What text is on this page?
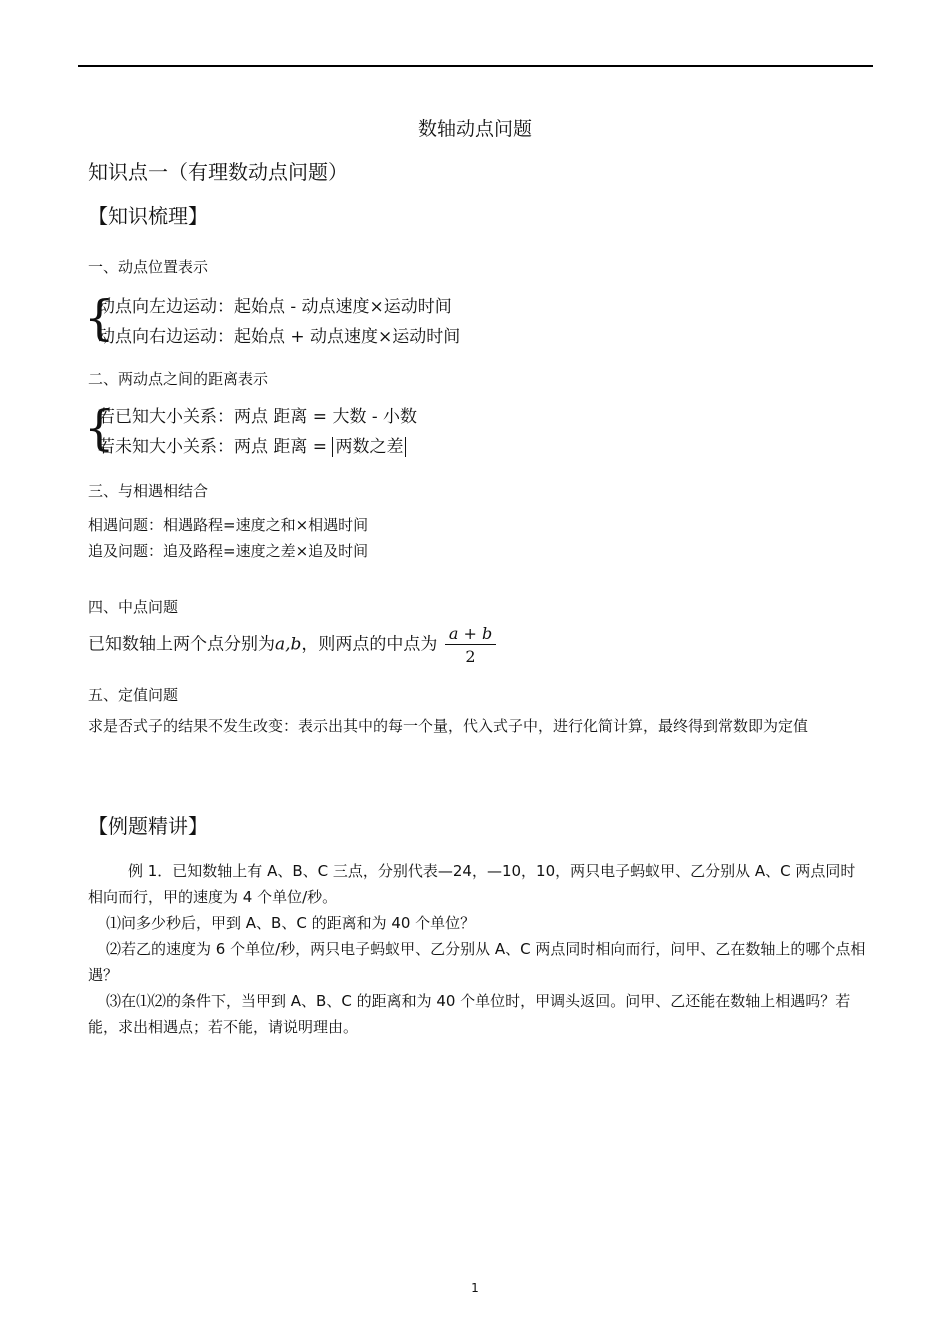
数轴动点问题
知识点一（有理数动点问题）
【知识梳理】
一、动点位置表示
{
动点向左边运动：起始点 - 动点速度×运动时间
动点向右边运动：起始点 + 动点速度×运动时间
二、两动点之间的距离表示
{
若已知大小关系：两点 距离 = 大数 - 小数
若未知大小关系：两点 距离 = 两数之差
三、与相遇相结合
相遇问题：相遇路程=速度之和×相遇时间
追及问题：追及路程=速度之差×追及时间
四、中点问题
已知数轴上两个点分别为a,b，则两点的中点为 $\frac{a + b}{2}$
五、定值问题
求是否式子的结果不发生改变：表示出其中的每一个量，代入式子中，进行化简计算，最终得到常数即为定值
【例题精讲】
例 1．已知数轴上有 A、B、C 三点，分别代表—24，—10，10，两只电子蚂蚁甲、乙分别从 A、C 两点同时相向而行，甲的速度为 4 个单位/秒。
⑴问多少秒后，甲到 A、B、C 的距离和为 40 个单位？
⑵若乙的速度为 6 个单位/秒，两只电子蚂蚁甲、乙分别从 A、C 两点同时相向而行，问甲、乙在数轴上的哪个点相遇？
⑶在⑴⑵的条件下，当甲到 A、B、C 的距离和为 40 个单位时，甲调头返回。问甲、乙还能在数轴上相遇吗？若能，求出相遇点；若不能，请说明理由。
1
